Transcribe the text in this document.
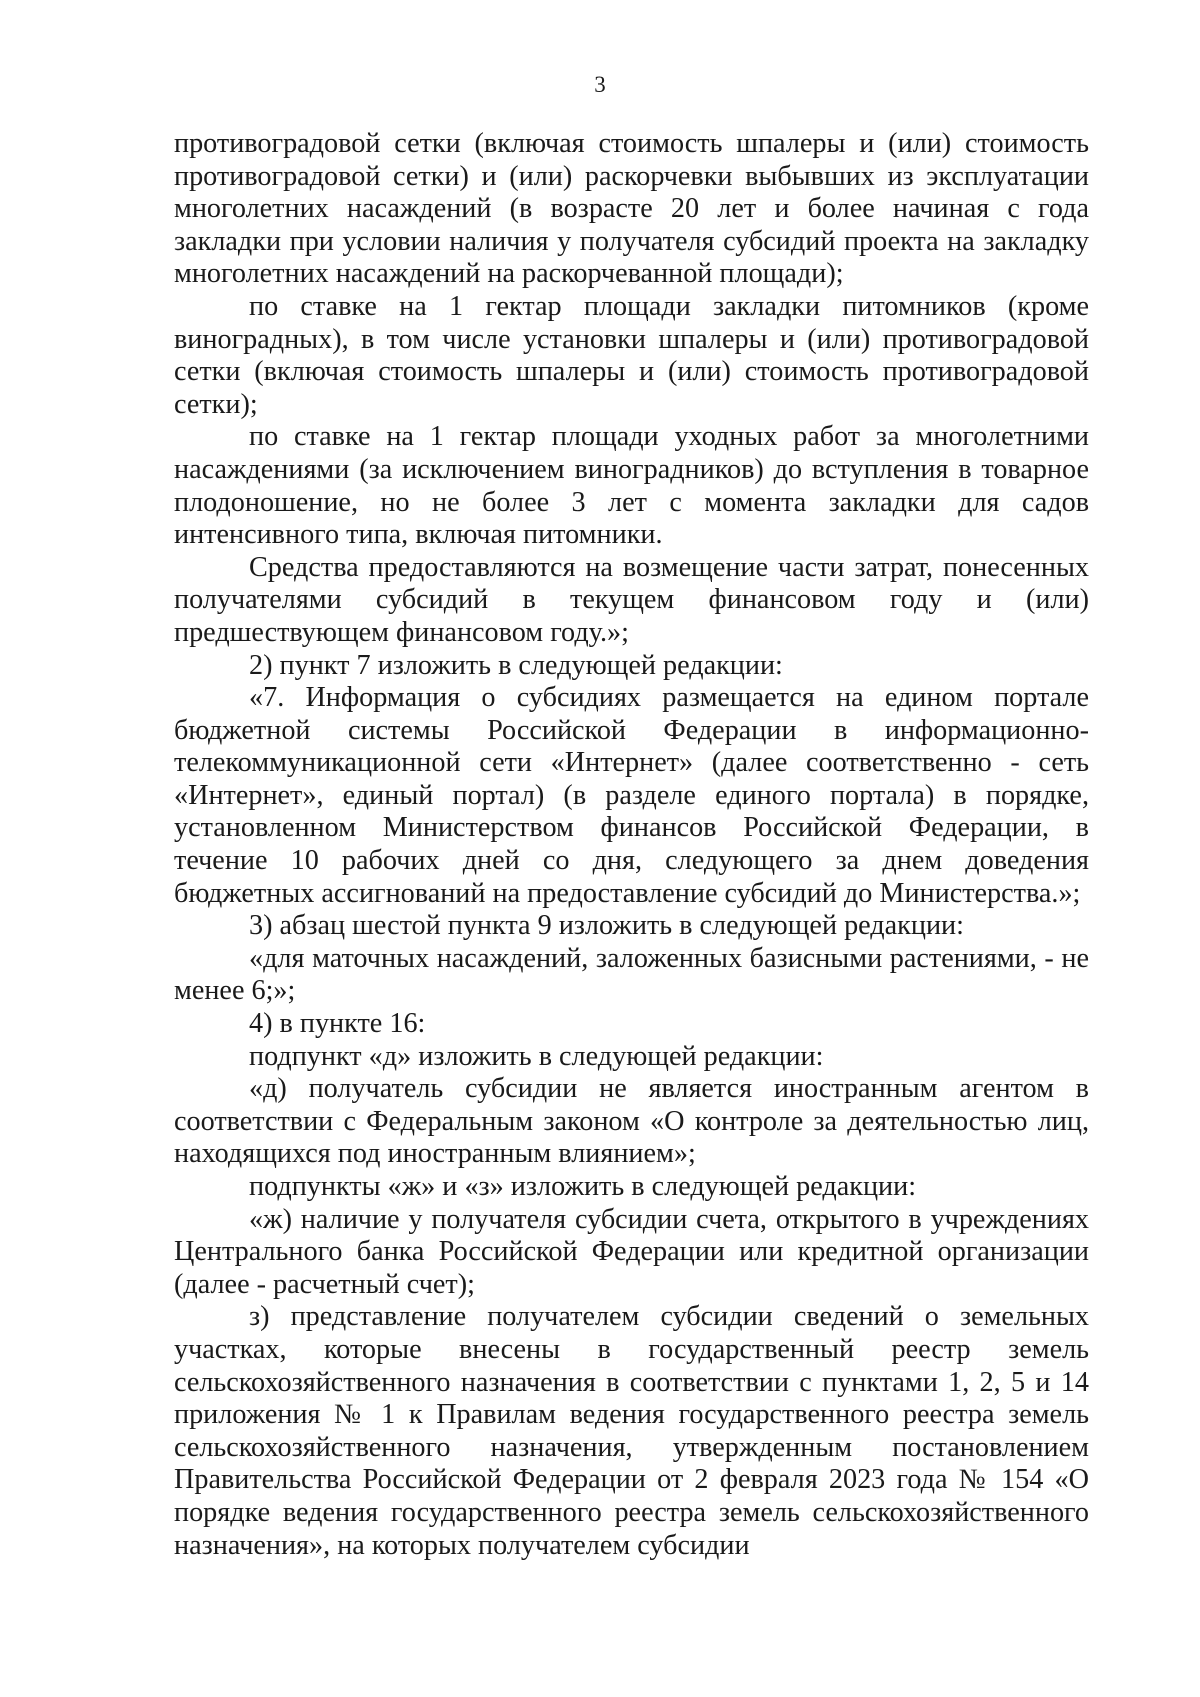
3

противоградовой сетки (включая стоимость шпалеры и (или) стоимость противоградовой сетки) и (или) раскорчевки выбывших из эксплуатации многолетних насаждений (в возрасте 20 лет и более начиная с года закладки при условии наличия у получателя субсидий проекта на закладку многолетних насаждений на раскорчеванной площади);

по ставке на 1 гектар площади закладки питомников (кроме виноградных), в том числе установки шпалеры и (или) противоградовой сетки (включая стоимость шпалеры и (или) стоимость противоградовой сетки);

по ставке на 1 гектар площади уходных работ за многолетними насаждениями (за исключением виноградников) до вступления в товарное плодоношение, но не более 3 лет с момента закладки для садов интенсивного типа, включая питомники.

Средства предоставляются на возмещение части затрат, понесенных получателями субсидий в текущем финансовом году и (или) предшествующем финансовом году.»;

2) пункт 7 изложить в следующей редакции:

«7. Информация о субсидиях размещается на едином портале бюджетной системы Российской Федерации в информационно-телекоммуникационной сети «Интернет» (далее соответственно - сеть «Интернет», единый портал) (в разделе единого портала) в порядке, установленном Министерством финансов Российской Федерации, в течение 10 рабочих дней со дня, следующего за днем доведения бюджетных ассигнований на предоставление субсидий до Министерства.»;

3) абзац шестой пункта 9 изложить в следующей редакции:

«для маточных насаждений, заложенных базисными растениями, - не менее 6;»;

4) в пункте 16:

подпункт «д» изложить в следующей редакции:

«д) получатель субсидии не является иностранным агентом в соответствии с Федеральным законом «О контроле за деятельностью лиц, находящихся под иностранным влиянием»;

подпункты «ж» и «з» изложить в следующей редакции:

«ж) наличие у получателя субсидии счета, открытого в учреждениях Центрального банка Российской Федерации или кредитной организации (далее - расчетный счет);

з) представление получателем субсидии сведений о земельных участках, которые внесены в государственный реестр земель сельскохозяйственного назначения в соответствии с пунктами 1, 2, 5 и 14 приложения № 1 к Правилам ведения государственного реестра земель сельскохозяйственного назначения, утвержденным постановлением Правительства Российской Федерации от 2 февраля 2023 года № 154 «О порядке ведения государственного реестра земель сельскохозяйственного назначения», на которых получателем субсидии
